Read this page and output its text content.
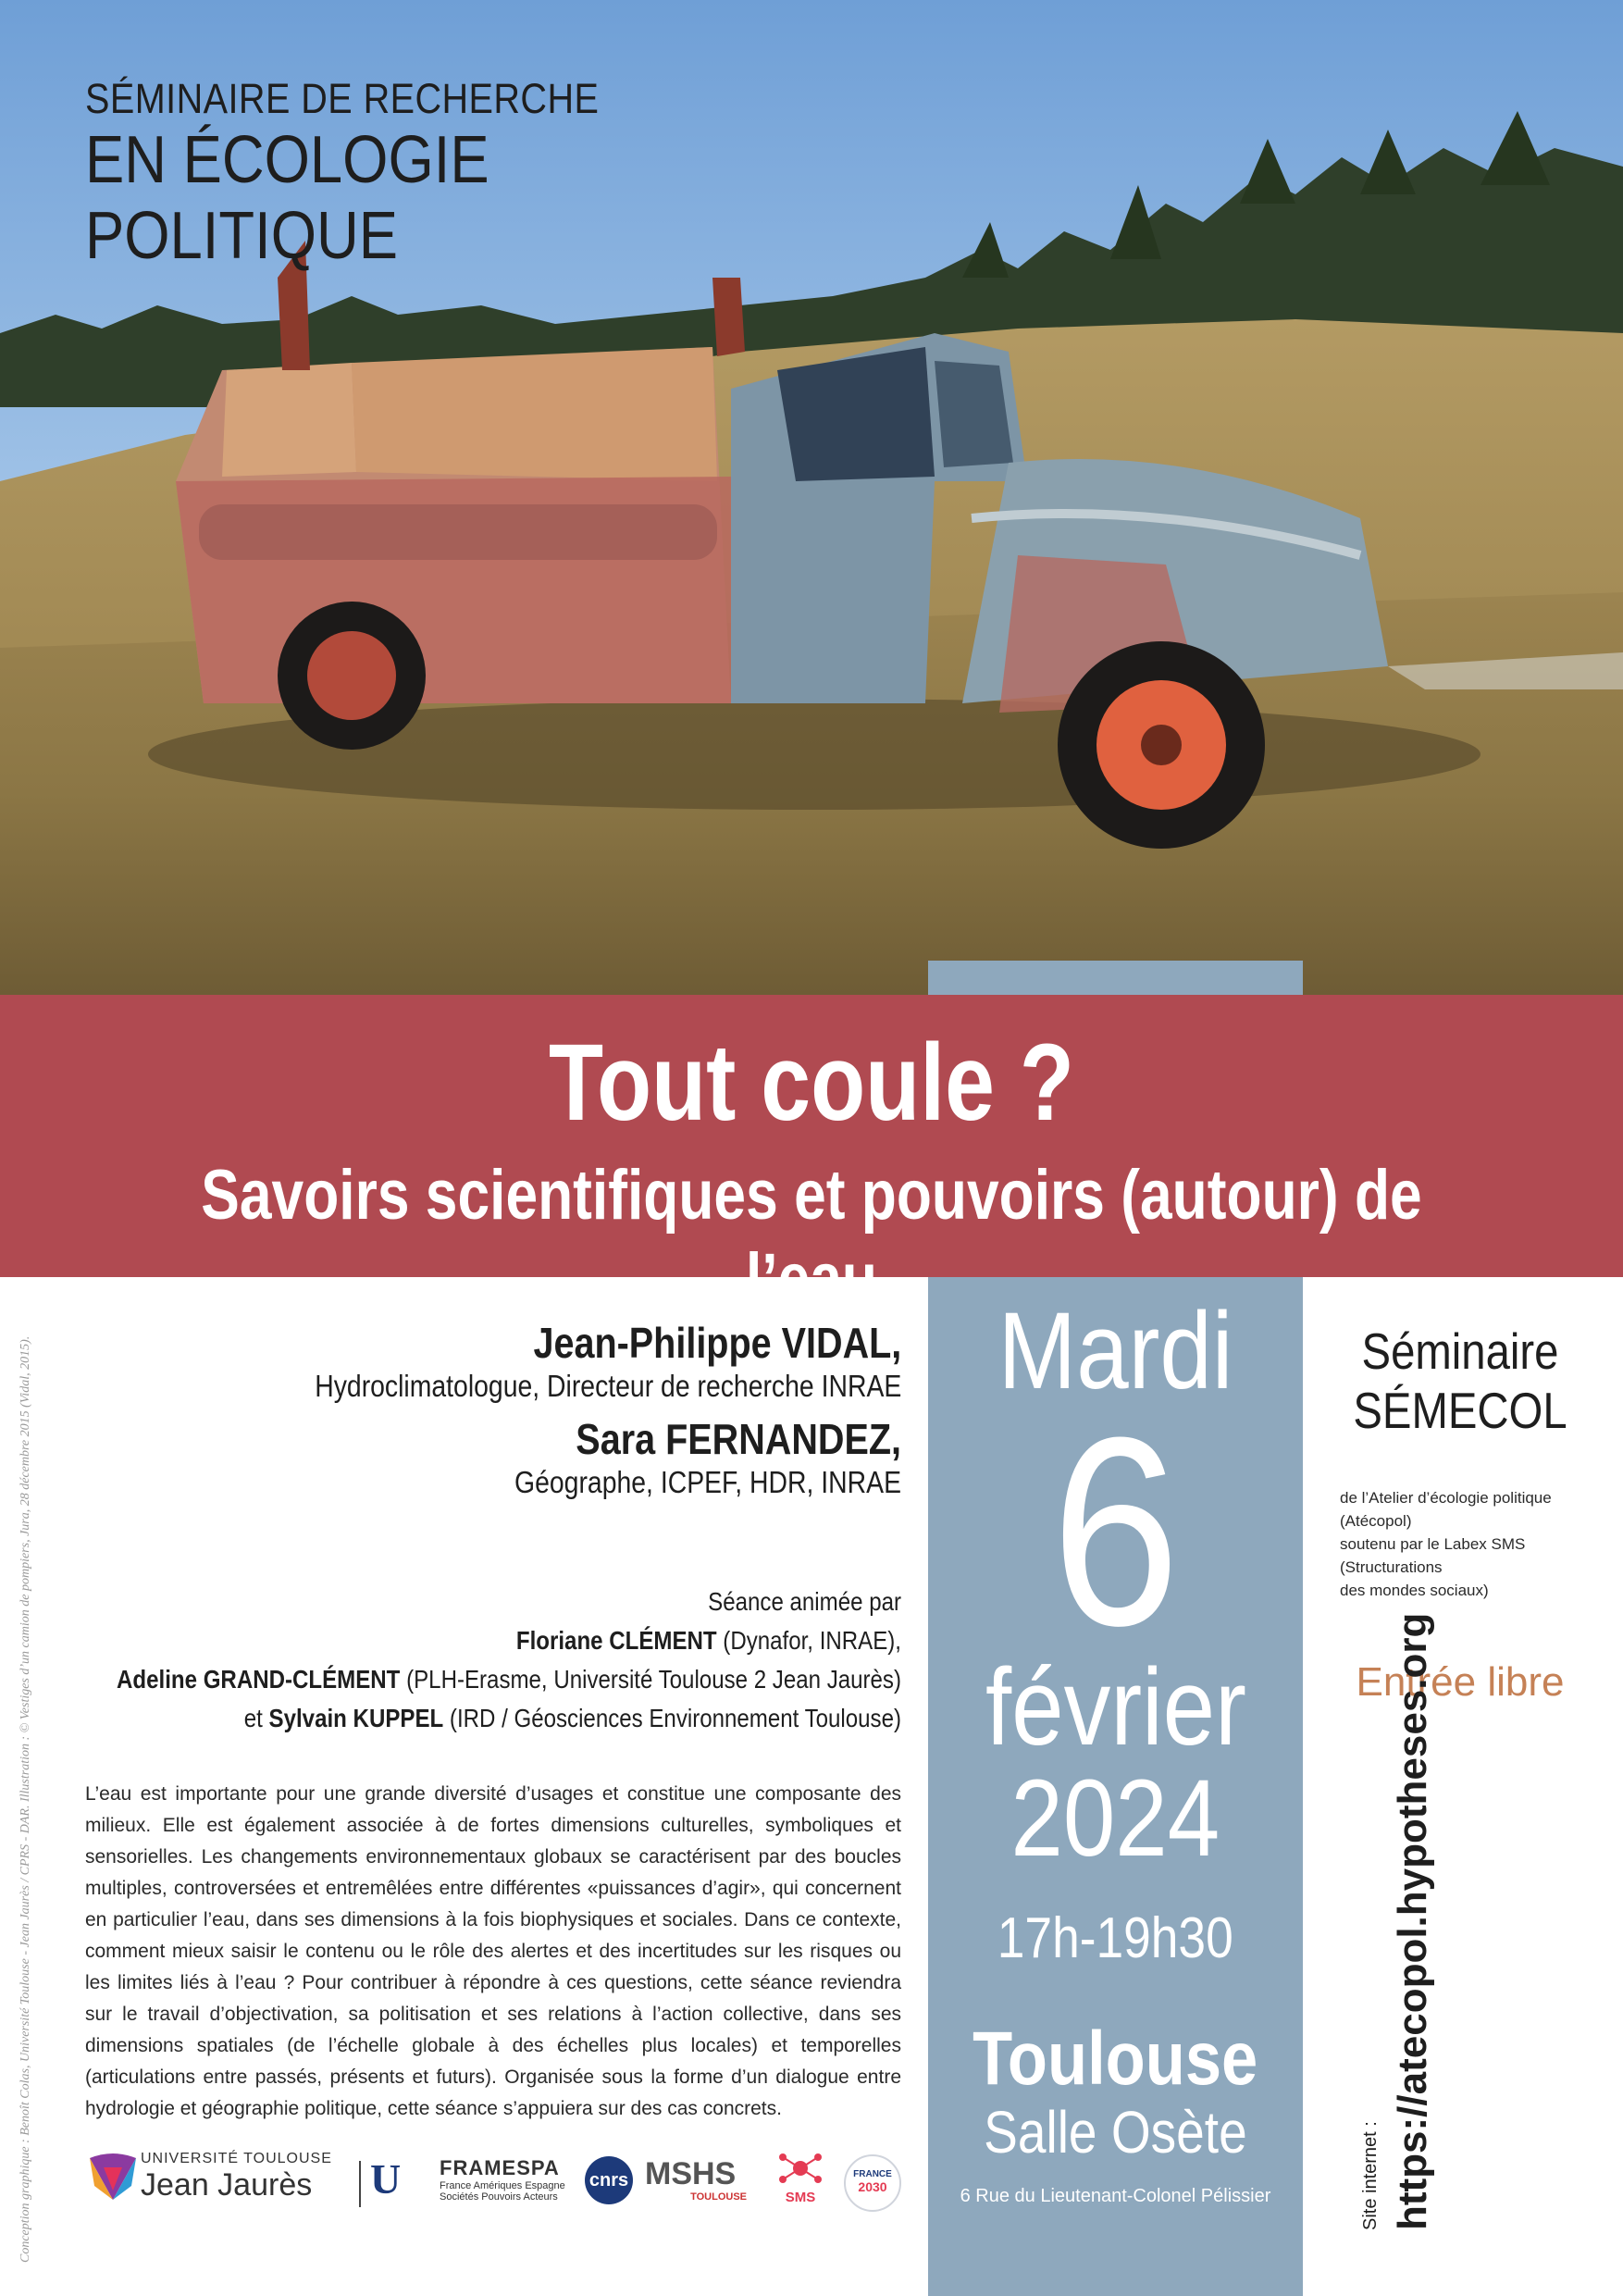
SÉMINAIRE DE RECHERCHE
EN ÉCOLOGIE
POLITIQUE
Tout coule ?
Savoirs scientifiques et pouvoirs (autour) de l’eau
Conception graphique : Benoît Colas, Université Toulouse - Jean Jaurès / CPRS - DAR. Illustration : © Vestiges d’un camion de pompiers, Jura, 28 décembre 2015 (Vidal, 2015).	Jean-Philippe VIDAL,
Hydroclimatologue, Directeur de recherche INRAE
Sara FERNANDEZ,
Géographe, ICPEF, HDR, INRAE
Séance animée par
Floriane CLÉMENT (Dynafor, INRAE),
Adeline GRAND-CLÉMENT (PLH-Erasme, Université Toulouse 2 Jean Jaurès)
et Sylvain KUPPEL (IRD / Géosciences Environnement Toulouse)
L’eau est importante pour une grande diversité d’usages et constitue une composante des milieux. Elle est également associée à de fortes dimensions culturelles, symboliques et sensorielles. Les changements environnementaux globaux se caractérisent par des boucles multiples, controversées et entremêlées entre différentes «puissances d’agir», qui concernent en particulier l’eau, dans ses dimensions à la fois biophysiques et sociales. Dans ce contexte, comment mieux saisir le contenu ou le rôle des alertes et des incertitudes sur les risques ou les limites liés à l’eau ? Pour contribuer à répondre à ces questions, cette séance reviendra sur le travail d’objectivation, sa politisation et ses relations à l’action collective, dans ses dimensions spatiales (de l’échelle globale à des échelles plus locales) et temporelles (articulations entre passés, présents et futurs). Organisée sous la forme d’un dialogue entre hydrologie et géographie politique, cette séance s’appuiera sur des cas concrets.
Mardi
6
février
2024
17h-19h30
Toulouse
Salle Osète
6 Rue du Lieutenant-Colonel Pélissier
Séminaire
SÉMECOL
de l’Atelier d’écologie politique
(Atécopol)
soutenu par le Labex SMS
(Structurations
des mondes sociaux)
Entrée libre
Site internet : https://atecopol.hypotheses.org
UNIVERSITÉ TOULOUSE
Jean Jaurès U FRAMESPA
France Amériques Espagne
Sociétés Pouvoirs Acteurs
cnrs MSHS
TOULOUSE	SMS
FRANCE
2030
